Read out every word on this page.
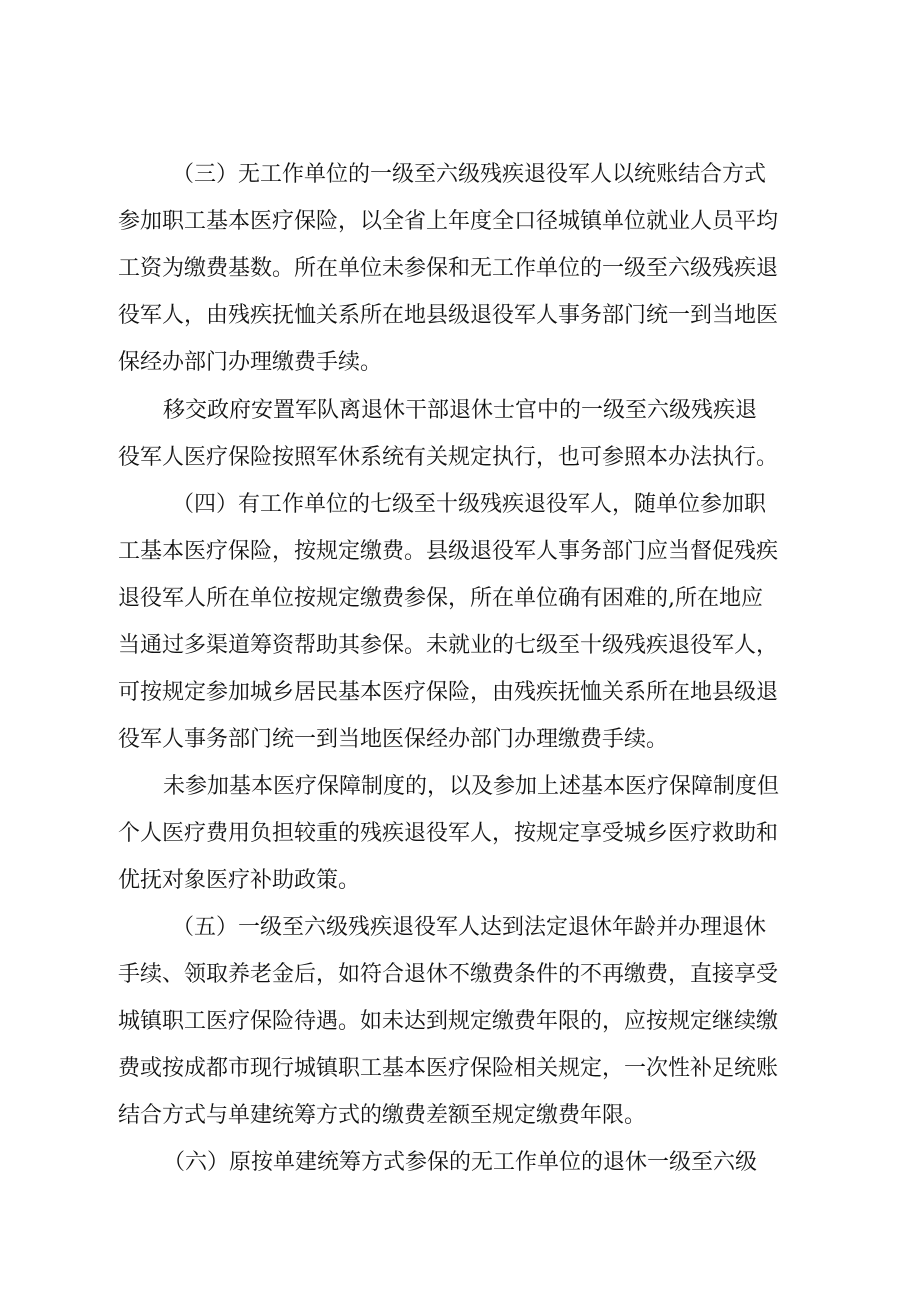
（三）无工作单位的一级至六级残疾退役军人以统账结合方式
参加职工基本医疗保险，以全省上年度全口径城镇单位就业人员平均
工资为缴费基数。所在单位未参保和无工作单位的一级至六级残疾退
役军人，由残疾抚恤关系所在地县级退役军人事务部门统一到当地医
保经办部门办理缴费手续。
移交政府安置军队离退休干部退休士官中的一级至六级残疾退
役军人医疗保险按照军休系统有关规定执行，也可参照本办法执行。
（四）有工作单位的七级至十级残疾退役军人，随单位参加职
工基本医疗保险，按规定缴费。县级退役军人事务部门应当督促残疾
退役军人所在单位按规定缴费参保，所在单位确有困难的,所在地应
当通过多渠道筹资帮助其参保。未就业的七级至十级残疾退役军人，
可按规定参加城乡居民基本医疗保险，由残疾抚恤关系所在地县级退
役军人事务部门统一到当地医保经办部门办理缴费手续。
未参加基本医疗保障制度的，以及参加上述基本医疗保障制度但
个人医疗费用负担较重的残疾退役军人，按规定享受城乡医疗救助和
优抚对象医疗补助政策。
（五）一级至六级残疾退役军人达到法定退休年龄并办理退休
手续、领取养老金后，如符合退休不缴费条件的不再缴费，直接享受
城镇职工医疗保险待遇。如未达到规定缴费年限的，应按规定继续缴
费或按成都市现行城镇职工基本医疗保险相关规定，一次性补足统账
结合方式与单建统筹方式的缴费差额至规定缴费年限。
（六）原按单建统筹方式参保的无工作单位的退休一级至六级
